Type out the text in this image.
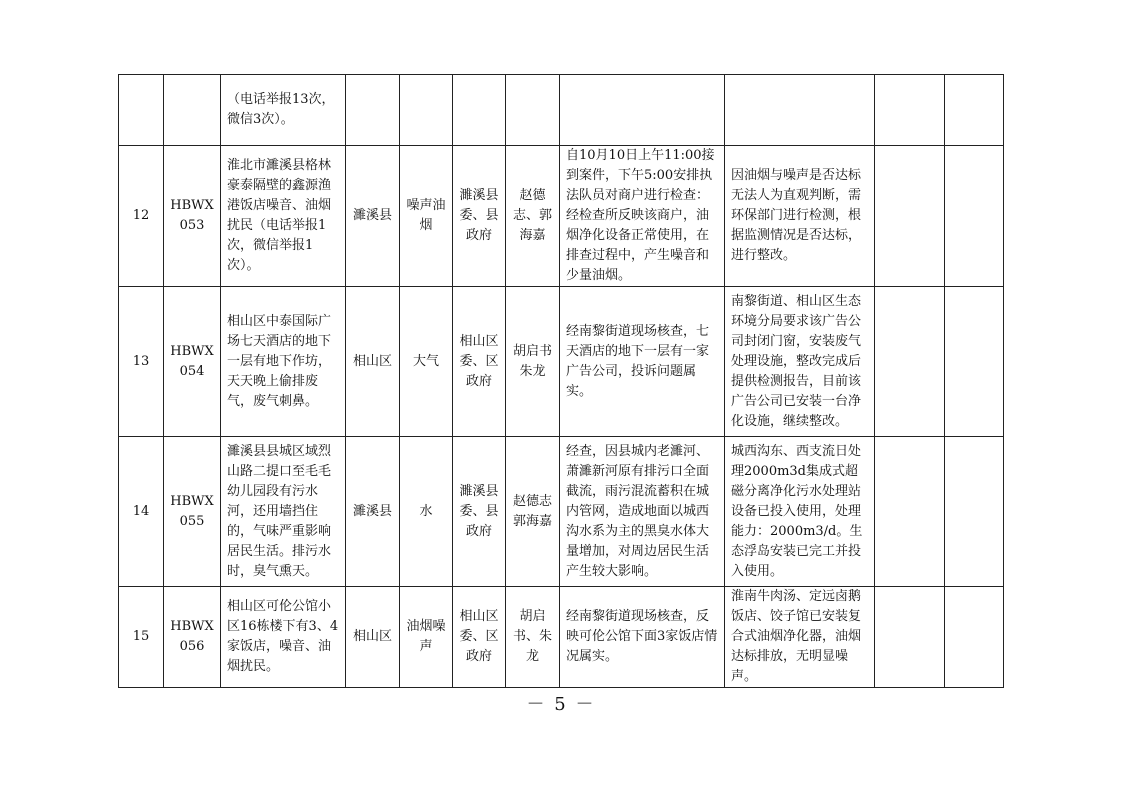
		（电话举报13次，微信3次）。								
12	HBWX053	淮北市濉溪县格林豪泰隔壁的鑫源渔港饭店噪音、油烟扰民（电话举报1次，微信举报1次）。	濉溪县	噪声油烟	濉溪县委、县政府	赵德志、郭海嘉	自10月10日上午11:00接到案件，下午5:00安排执法队员对商户进行检查：经检查所反映该商户，油烟净化设备正常使用，在排查过程中，产生噪音和少量油烟。	因油烟与噪声是否达标无法人为直观判断，需环保部门进行检测，根据监测情况是否达标，进行整改。		
13	HBWX054	相山区中泰国际广场七天酒店的地下一层有地下作坊，天天晚上偷排废气，废气刺鼻。	相山区	大气	相山区委、区政府	胡启书朱龙	经南黎街道现场核查，七天酒店的地下一层有一家广告公司，投诉问题属实。	南黎街道、相山区生态环境分局要求该广告公司封闭门窗，安装废气处理设施，整改完成后提供检测报告，目前该广告公司已安装一台净化设施，继续整改。		
14	HBWX055	濉溪县县城区域烈山路二提口至毛毛幼儿园段有污水河，还用墙挡住的，气味严重影响居民生活。排污水时，臭气熏天。	濉溪县	水	濉溪县委、县政府	赵德志郭海嘉	经查，因县城内老濉河、萧濉新河原有排污口全面截流，雨污混流蓄积在城内管网，造成地面以城西沟水系为主的黑臭水体大量增加，对周边居民生活产生较大影响。	城西沟东、西支流日处理2000m3d集成式超磁分离净化污水处理站设备已投入使用，处理能力：2000m3/d。生态浮岛安装已完工并投入使用。		
15	HBWX056	相山区可伦公馆小区16栋楼下有3、4家饭店，噪音、油烟扰民。	相山区	油烟噪声	相山区委、区政府	胡启书、朱龙	经南黎街道现场核查，反映可伦公馆下面3家饭店情况属实。	淮南牛肉汤、定远卤鹅饭店、饺子馆已安装复合式油烟净化器，油烟达标排放，无明显噪声。		
－ 5 －
